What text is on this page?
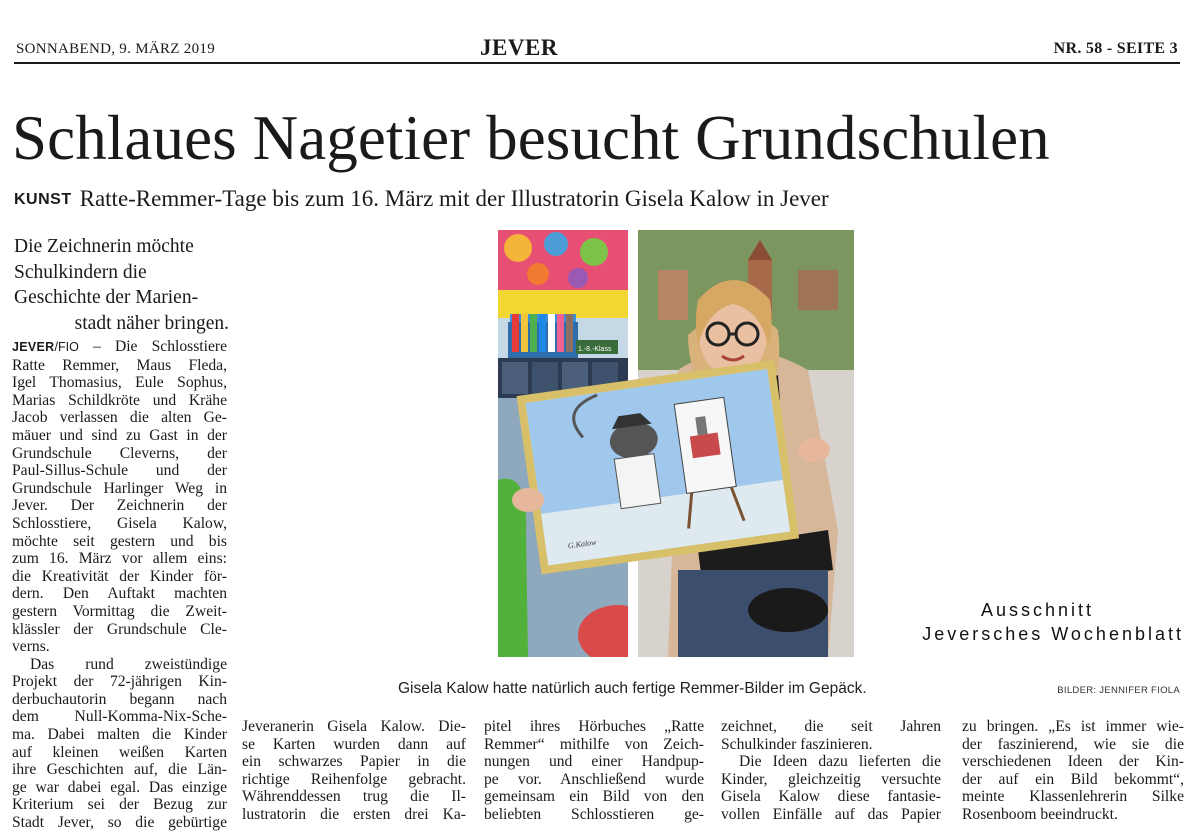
SONNABEND, 9. MÄRZ 2019	JEVER	NR. 58 - SEITE 3
Schlaues Nagetier besucht Grundschulen
KUNST Ratte-Remmer-Tage bis zum 16. März mit der Illustratorin Gisela Kalow in Jever
Die Zeichnerin möchte
Schulkindern die
Geschichte der Marien-
stadt näher bringen.
JEVER/FIO – Die Schlosstiere
Ratte Remmer, Maus Fleda,
Igel Thomasius, Eule Sophus,
Marias Schildkröte und Krähe
Jacob verlassen die alten Ge-
mäuer und sind zu Gast in der
Grundschule Cleverns, der
Paul-Sillus-Schule und der
Grundschule Harlinger Weg in
Jever. Der Zeichnerin der
Schlosstiere, Gisela Kalow,
möchte seit gestern und bis
zum 16. März vor allem eins:
die Kreativität der Kinder för-
dern. Den Auftakt machten
gestern Vormittag die Zweit-
klässler der Grundschule Cle-
verns.
Das rund zweistündige
Projekt der 72-jährigen Kin-
derbuchautorin begann nach
dem Null-Komma-Nix-Sche-
ma. Dabei malten die Kinder
auf kleinen weißen Karten
ihre Geschichten auf, die Län-
ge war dabei egal. Das einzige
Kriterium sei der Bezug zur
Stadt Jever, so die gebürtige
1.-8.-Klass
G.Kalow
Ausschnitt
Jeversches Wochenblatt
Gisela Kalow hatte natürlich auch fertige Remmer-Bilder im Gepäck.	BILDER: JENNIFER FIOLA
Jeveranerin Gisela Kalow. Die-
se Karten wurden dann auf
ein schwarzes Papier in die
richtige Reihenfolge gebracht.
Währenddessen trug die Il-
lustratorin die ersten drei Ka-
pitel ihres Hörbuches „Ratte
Remmer“ mithilfe von Zeich-
nungen und einer Handpup-
pe vor. Anschließend wurde
gemeinsam ein Bild von den
beliebten Schlosstieren ge-
zeichnet, die seit Jahren
Schulkinder faszinieren.
Die Ideen dazu lieferten die
Kinder, gleichzeitig versuchte
Gisela Kalow diese fantasie-
vollen Einfälle auf das Papier
zu bringen. „Es ist immer wie-
der faszinierend, wie sie die
verschiedenen Ideen der Kin-
der auf ein Bild bekommt“,
meinte Klassenlehrerin Silke
Rosenboom beeindruckt.
